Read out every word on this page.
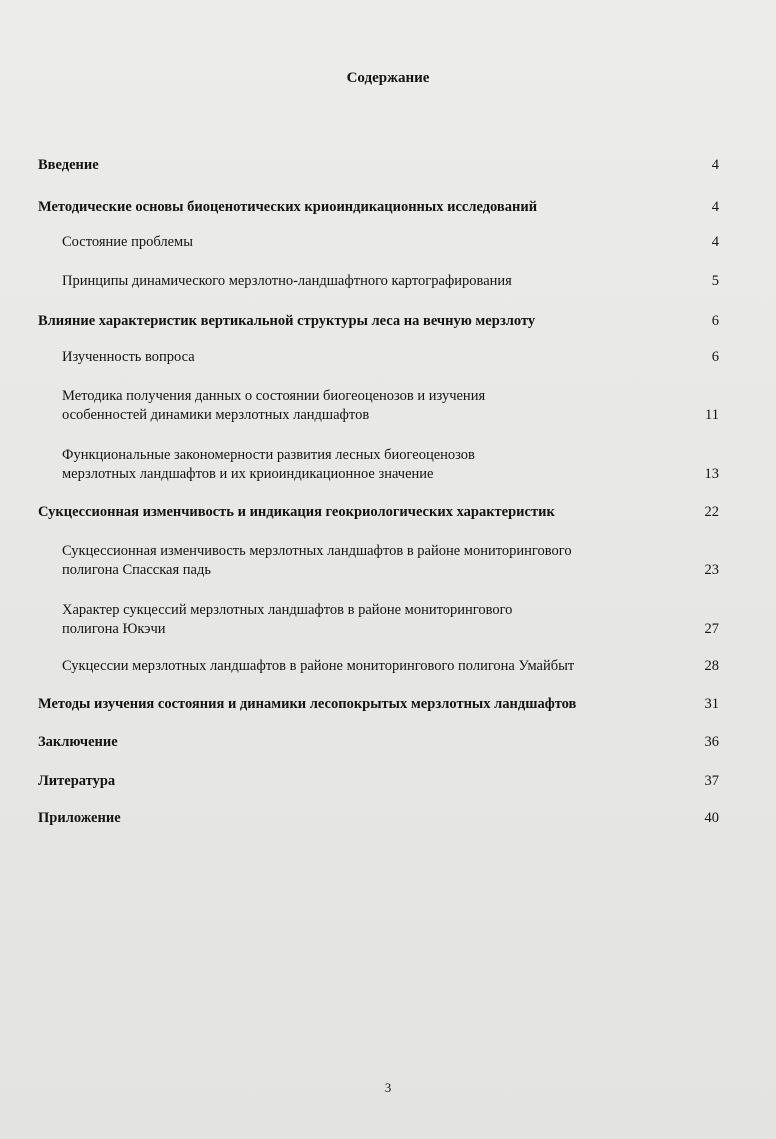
Содержание
Введение	4
Методические основы биоценотических криоиндикационных исследований	4
Состояние проблемы	4
Принципы динамического мерзлотно-ландшафтного картографирования	5
Влияние характеристик вертикальной структуры леса на вечную мерзлоту	6
Изученность вопроса	6
Методика получения данных о состоянии биогеоценозов и изучения
особенностей динамики мерзлотных ландшафтов	11
Функциональные закономерности развития лесных биогеоценозов
мерзлотных ландшафтов и их криоиндикационное значение	13
Сукцессионная изменчивость и индикация геокриологических характеристик	22
Сукцессионная изменчивость мерзлотных ландшафтов в районе мониторингового
полигона Спасская падь	23
Характер сукцессий мерзлотных ландшафтов в районе мониторингового
полигона Юкэчи	27
Сукцессии мерзлотных ландшафтов в районе мониторингового полигона Умайбыт	28
Методы изучения состояния и динамики лесопокрытых мерзлотных ландшафтов	31
Заключение	36
Литература	37
Приложение	40
3
